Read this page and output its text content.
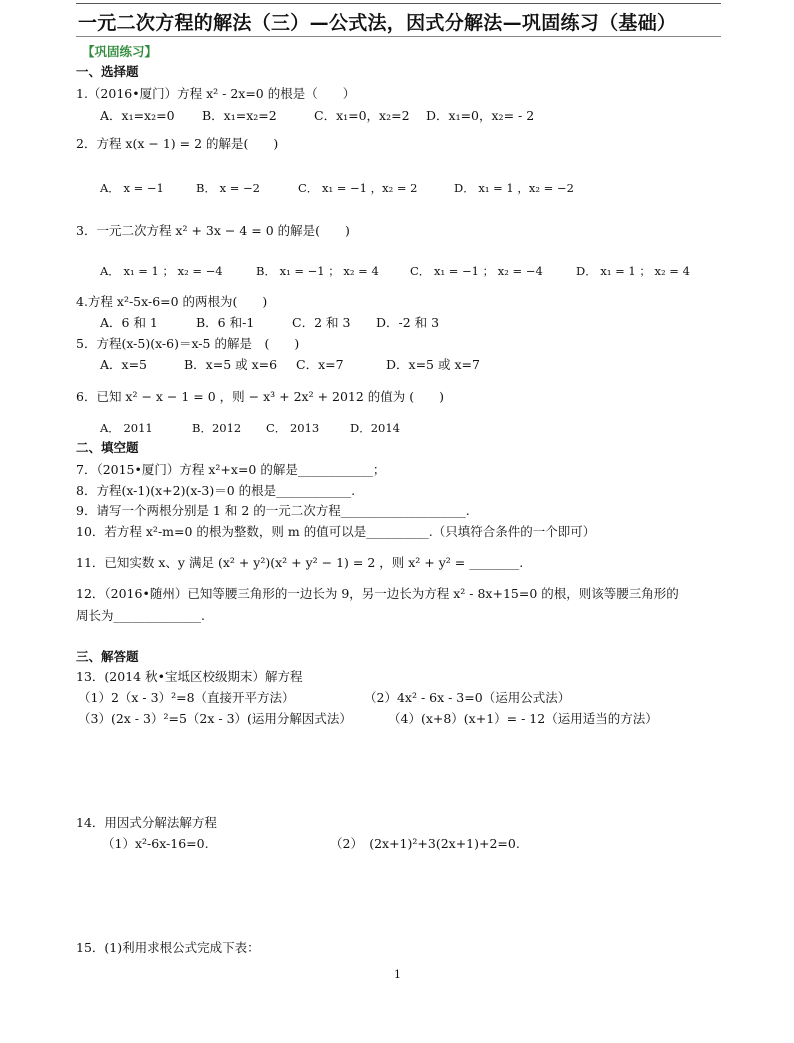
一元二次方程的解法（三）—公式法，因式分解法—巩固练习（基础）
【巩固练习】
一、选择题
1.（2016•厦门）方程 x² - 2x=0 的根是（　　）
A．x₁=x₂=0 B．x₁=x₂=2	C．x₁=0，x₂=2 D．x₁=0，x₂= - 2
2．方程 x(x − 1) = 2 的解是(　　)
A． x = −1	B． x = −2	C． x₁ = −1 ，x₂ = 2	D． x₁ = 1 ，x₂ = −2
3．一元二次方程 x² + 3x − 4 = 0 的解是(　　)
A． x₁ = 1 ； x₂ = −4	B． x₁ = −1 ； x₂ = 4	C． x₁ = −1 ； x₂ = −4	D． x₁ = 1 ； x₂ = 4
4.方程 x²-5x-6=0 的两根为(　　)
A．6 和 1	B．6 和-1	C．2 和 3 D．-2 和 3
5．方程(x-5)(x-6)＝x-5 的解是　(　　)
A．x=5	B．x=5 或 x=6 C．x=7	D．x=5 或 x=7
6．已知 x² − x − 1 = 0 ，则 − x³ + 2x² + 2012 的值为 (　　)
A． 2011	B．2012 C． 2013	D．2014
二、填空题
7．（2015•厦门）方程 x²+x=0 的解是____________；
8．方程(x-1)(x+2)(x-3)＝0 的根是____________.
9．请写一个两根分别是 1 和 2 的一元二次方程____________________.
10．若方程 x²-m=0 的根为整数，则 m 的值可以是__________.（只填符合条件的一个即可）
11．已知实数 x、y 满足 (x² + y²)(x² + y² − 1) = 2 ，则 x² + y² = ________.
12．（2016•随州）已知等腰三角形的一边长为 9，另一边长为方程 x² - 8x+15=0 的根，则该等腰三角形的
周长为______________.
三、解答题
13．(2014 秋•宝坻区校级期末）解方程
（1）2（x - 3）²=8（直接开平方法）	（2）4x² - 6x - 3=0（运用公式法）
（3）(2x - 3）²=5（2x - 3）(运用分解因式法）	（4）(x+8）(x+1）= - 12（运用适当的方法）
14．用因式分解法解方程
（1）x²-6x-16=0.	（2）　(2x+1)²+3(2x+1)+2=0.
15．(1)利用求根公式完成下表：
1
